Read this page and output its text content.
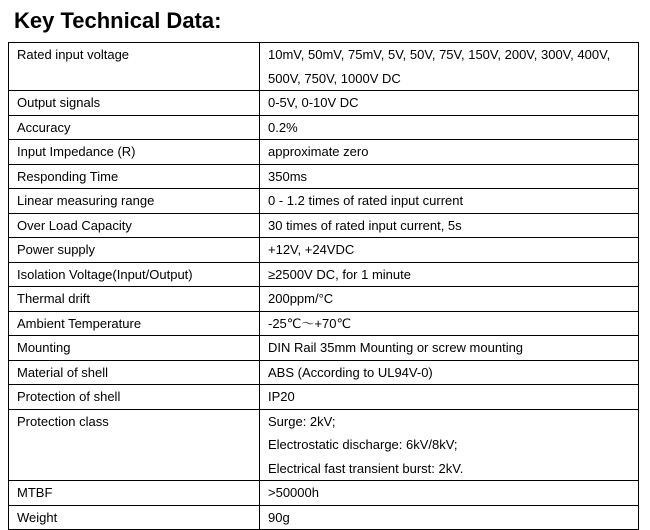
Key Technical Data:
Rated input voltage	10mV, 50mV, 75mV, 5V, 50V, 75V, 150V, 200V, 300V, 400V,
500V, 750V, 1000V DC

Output signals	0-5V, 0-10V DC

Accuracy	0.2%

Input Impedance (R)	approximate zero

Responding Time	350ms

Linear measuring range	0 - 1.2 times of rated input current

Over Load Capacity	30 times of rated input current, 5s

Power supply	+12V, +24VDC

Isolation Voltage(Input/Output)	≥2500V DC, for 1 minute

Thermal drift	200ppm/°C

Ambient Temperature	-25℃～+70℃

Mounting	DIN Rail 35mm Mounting or screw mounting

Material of shell	ABS (According to UL94V-0)

Protection of shell	IP20

Protection class	Surge: 2kV;
Electrostatic discharge: 6kV/8kV;
Electrical fast transient burst: 2kV.

MTBF	>50000h

Weight	90g
